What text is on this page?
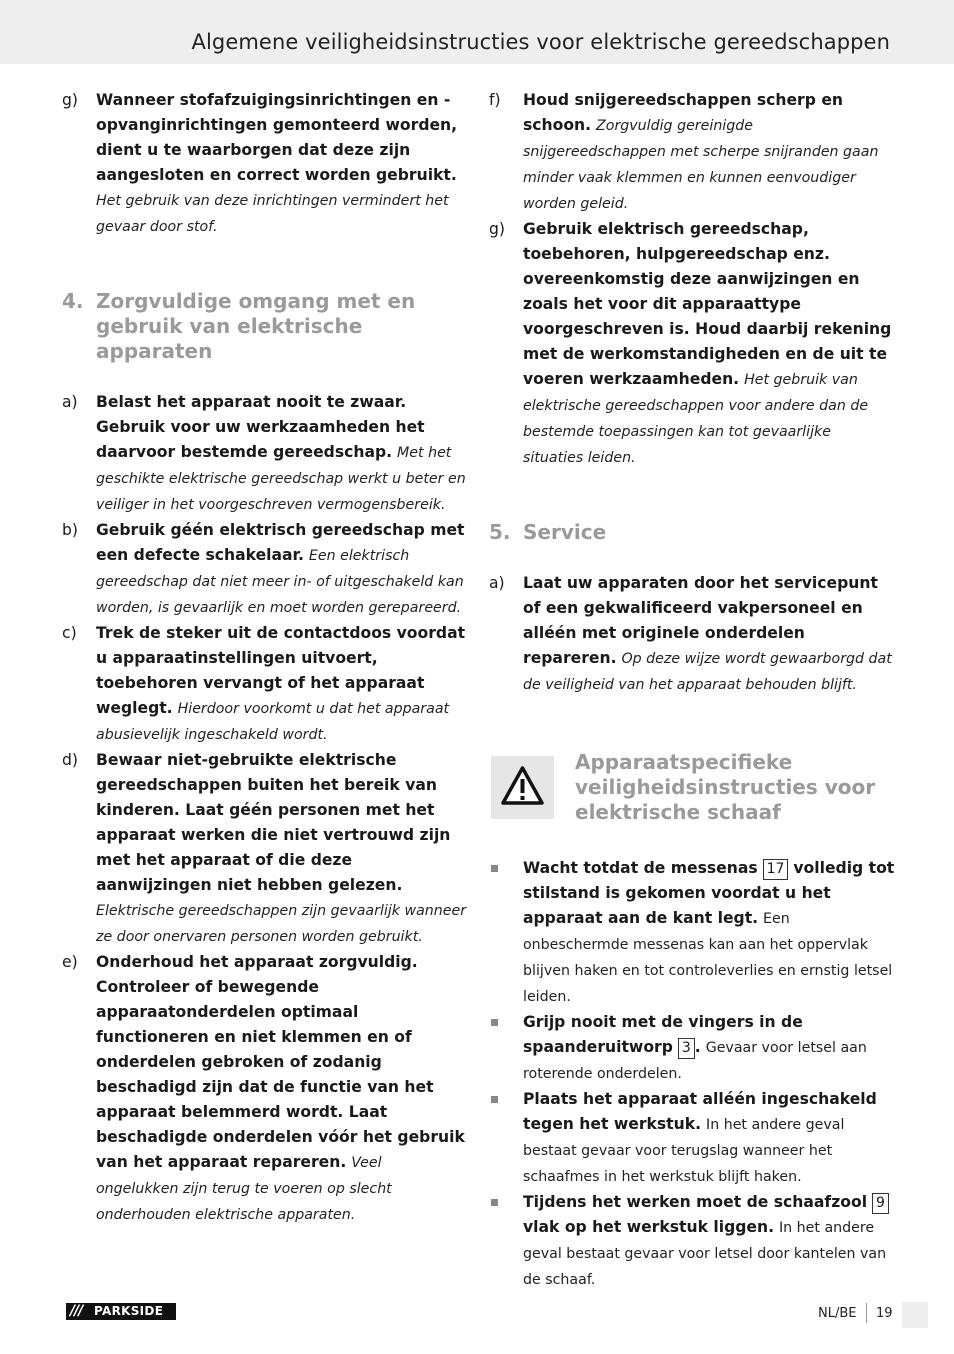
Algemene veiligheidsinstructies voor elektrische gereedschappen

g) Wanneer stofafzuigingsinrichtingen en -opvanginrichtingen gemonteerd worden, dient u te waarborgen dat deze zijn aangesloten en correct worden gebruikt. Het gebruik van deze inrichtingen vermindert het gevaar door stof.

4. Zorgvuldige omgang met en gebruik van elektrische apparaten

a) Belast het apparaat nooit te zwaar. Gebruik voor uw werkzaamheden het daarvoor bestemde gereedschap. Met het geschikte elektrische gereedschap werkt u beter en veiliger in het voorgeschreven vermogensbereik.

b) Gebruik géén elektrisch gereedschap met een defecte schakelaar. Een elektrisch gereedschap dat niet meer in- of uitgeschakeld kan worden, is gevaarlijk en moet worden gerepareerd.

c) Trek de steker uit de contactdoos voordat u apparaatinstellingen uitvoert, toebehoren vervangt of het apparaat weglegt. Hierdoor voorkomt u dat het apparaat abusievelijk ingeschakeld wordt.

d) Bewaar niet-gebruikte elektrische gereedschappen buiten het bereik van kinderen. Laat géén personen met het apparaat werken die niet vertrouwd zijn met het apparaat of die deze aanwijzingen niet hebben gelezen. Elektrische gereedschappen zijn gevaarlijk wanneer ze door onervaren personen worden gebruikt.

e) Onderhoud het apparaat zorgvuldig. Controleer of bewegende apparaatonderdelen optimaal functioneren en niet klemmen en of onderdelen gebroken of zodanig beschadigd zijn dat de functie van het apparaat belemmerd wordt. Laat beschadigde onderdelen vóór het gebruik van het apparaat repareren. Veel ongelukken zijn terug te voeren op slecht onderhouden elektrische apparaten.

f) Houd snijgereedschappen scherp en schoon. Zorgvuldig gereinigde snijgereedschappen met scherpe snijranden gaan minder vaak klemmen en kunnen eenvoudiger worden geleid.

g) Gebruik elektrisch gereedschap, toebehoren, hulpgereedschap enz. overeenkomstig deze aanwijzingen en zoals het voor dit apparaattype voorgeschreven is. Houd daarbij rekening met de werkomstandigheden en de uit te voeren werkzaamheden. Het gebruik van elektrische gereedschappen voor andere dan de bestemde toepassingen kan tot gevaarlijke situaties leiden.

5. Service

a) Laat uw apparaten door het servicepunt of een gekwalificeerd vakpersoneel en alléén met originele onderdelen repareren. Op deze wijze wordt gewaarborgd dat de veiligheid van het apparaat behouden blijft.

Apparaatspecifieke veiligheidsinstructies voor elektrische schaaf

Wacht totdat de messenas 17 volledig tot stilstand is gekomen voordat u het apparaat aan de kant legt. Een onbeschermde messenas kan aan het oppervlak blijven haken en tot controleverlies en ernstig letsel leiden.

Grijp nooit met de vingers in de spaanderuitworp 3 . Gevaar voor letsel aan roterende onderdelen.

Plaats het apparaat alléén ingeschakeld tegen het werkstuk. In het andere geval bestaat gevaar voor terugslag wanneer het schaafmes in het werkstuk blijft haken.

Tijdens het werken moet de schaafzool 9 vlak op het werkstuk liggen. In het andere geval bestaat gevaar voor letsel door kantelen van de schaaf.

/// PARKSIDE	NL/BE 19
